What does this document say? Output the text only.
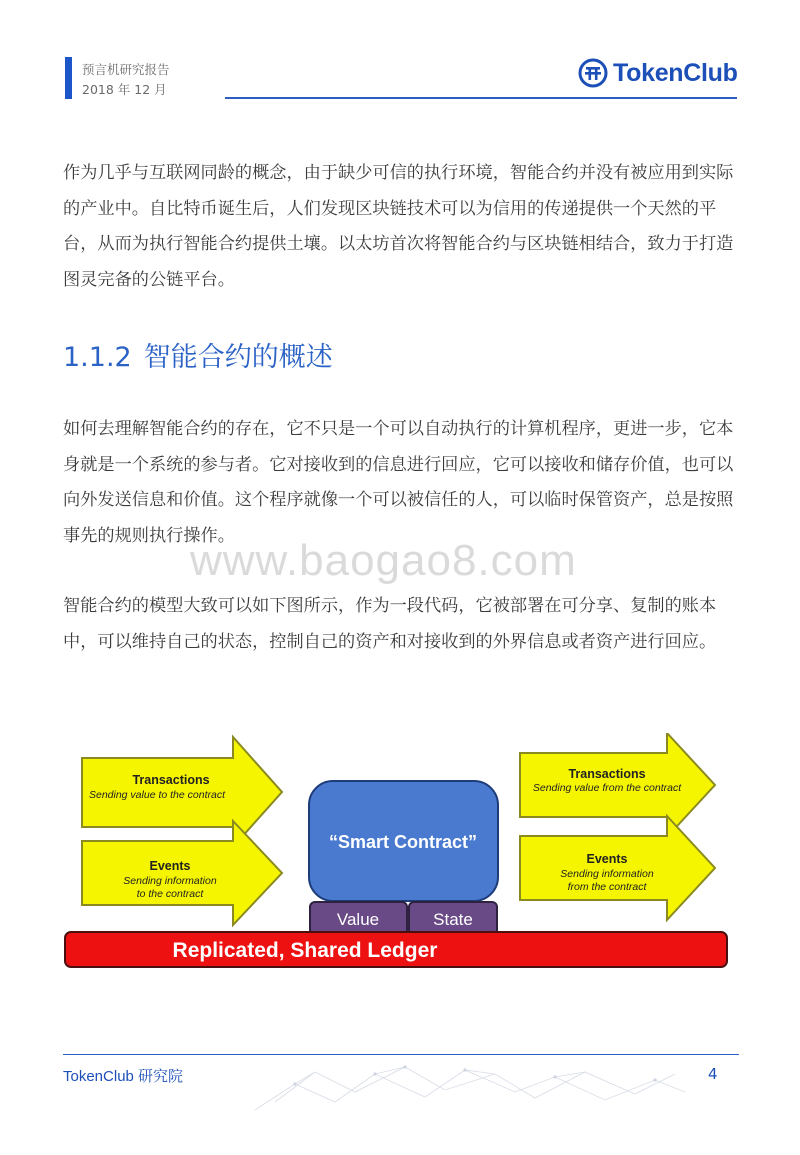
预言机研究报告
2018 年 12 月
TokenClub
作为几乎与互联网同龄的概念，由于缺少可信的执行环境，智能合约并没有被应用到实际的产业中。自比特币诞生后，人们发现区块链技术可以为信用的传递提供一个天然的平台，从而为执行智能合约提供土壤。以太坊首次将智能合约与区块链相结合，致力于打造图灵完备的公链平台。
1.1.2 智能合约的概述
如何去理解智能合约的存在，它不只是一个可以自动执行的计算机程序，更进一步，它本身就是一个系统的参与者。它对接收到的信息进行回应，它可以接收和储存价值，也可以向外发送信息和价值。这个程序就像一个可以被信任的人，可以临时保管资产，总是按照事先的规则执行操作。
www.baogao8.com
智能合约的模型大致可以如下图所示，作为一段代码，它被部署在可分享、复制的账本中，可以维持自己的状态，控制自己的资产和对接收到的外界信息或者资产进行回应。
Transactions
Sending value to the contract
Events
Sending information
to the contract
“Smart Contract”
Value	State
Replicated, Shared Ledger
Transactions
Sending value from the contract
Events
Sending information
from the contract
TokenClub 研究院	4
